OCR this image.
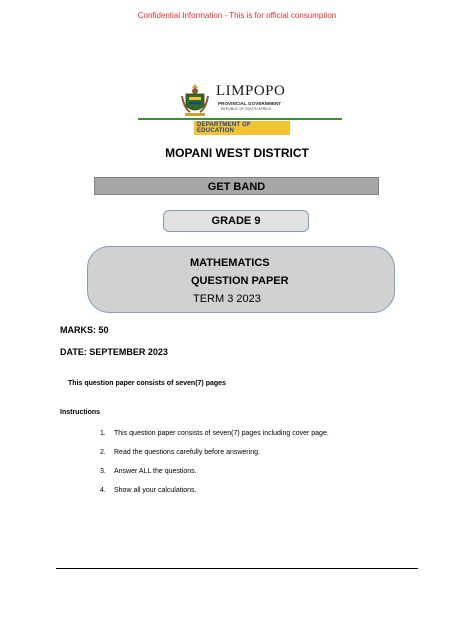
Confidential Information - This is for official consumption
LIMPOPO
PROVINCIAL GOVERNMENT
REPUBLIC OF SOUTH AFRICA
DEPARTMENT OF EDUCATION
MOPANI WEST DISTRICT
GET BAND
GRADE 9
MATHEMATICS
QUESTION PAPER
TERM 3 2023
MARKS: 50
DATE: SEPTEMBER 2023
This question paper consists of seven(7) pages
Instructions
1. This question paper consists of seven(7) pages including cover page.
2. Read the questions carefully before answering.
3. Answer ALL the questions.
4. Show all your calculations.
